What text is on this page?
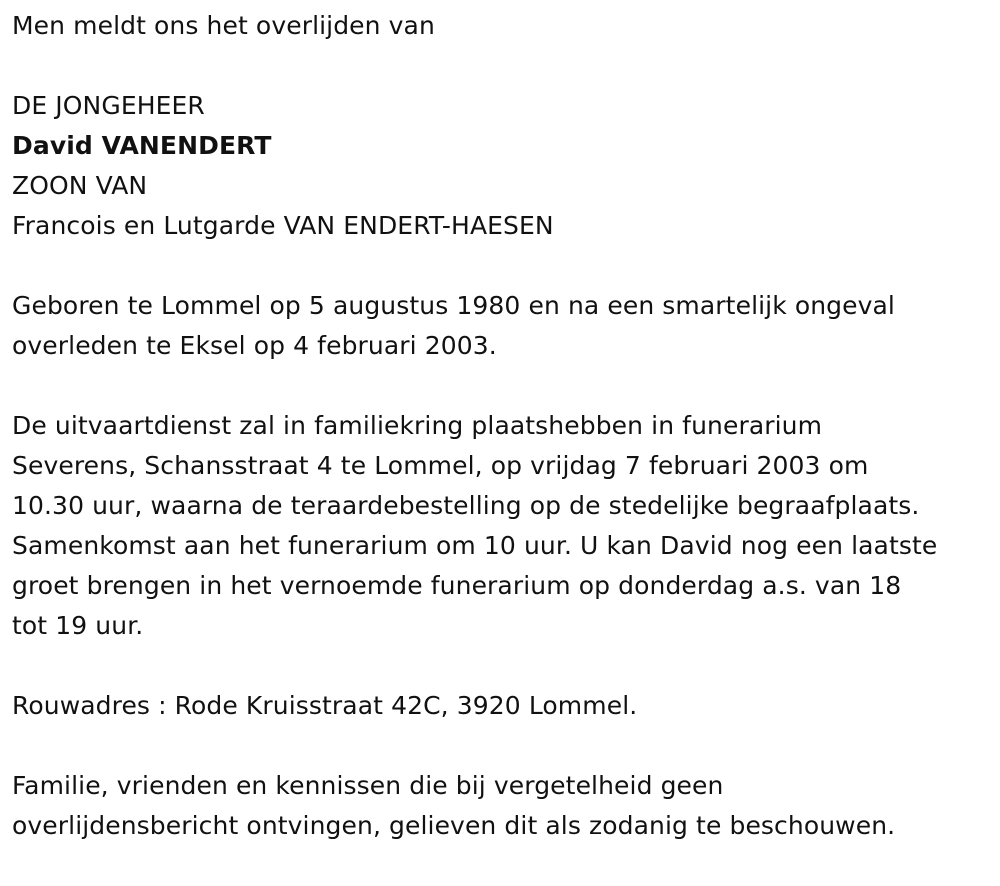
Men meldt ons het overlijden van
DE JONGEHEER
David VANENDERT
ZOON VAN
Francois en Lutgarde VAN ENDERT-HAESEN
Geboren te Lommel op 5 augustus 1980 en na een smartelijk ongeval
overleden te Eksel op 4 februari 2003.
De uitvaartdienst zal in familiekring plaatshebben in funerarium
Severens, Schansstraat 4 te Lommel, op vrijdag 7 februari 2003 om
10.30 uur, waarna de teraardebestelling op de stedelijke begraafplaats.
Samenkomst aan het funerarium om 10 uur. U kan David nog een laatste
groet brengen in het vernoemde funerarium op donderdag a.s. van 18
tot 19 uur.
Rouwadres : Rode Kruisstraat 42C, 3920 Lommel.
Familie, vrienden en kennissen die bij vergetelheid geen
overlijdensbericht ontvingen, gelieven dit als zodanig te beschouwen.
